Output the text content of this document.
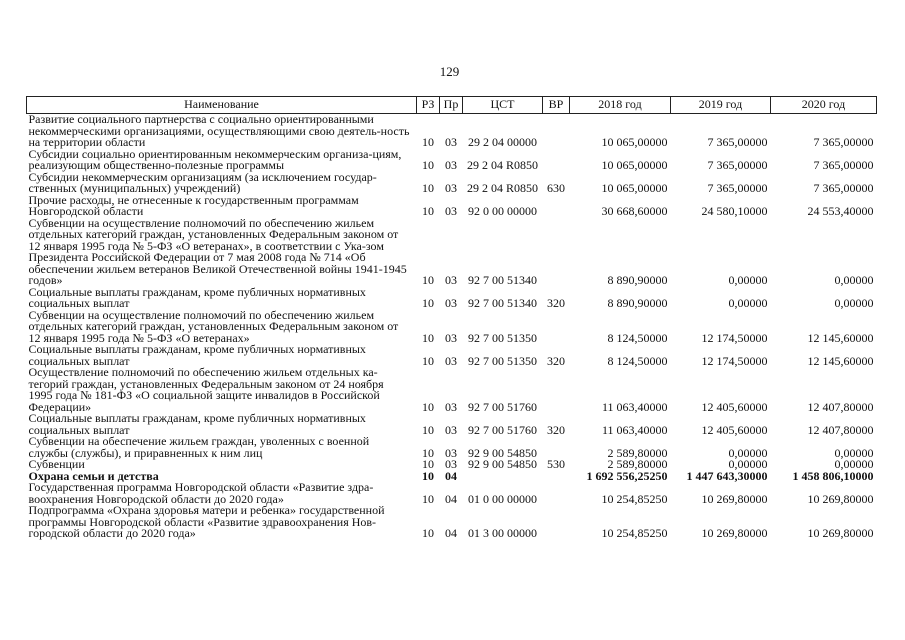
129
Наименование	РЗ	Пр	ЦСТ	ВР	2018 год	2019 год	2020 год
Развитие социального партнерства с социально ориентированными некоммерческими организациями, осуществляющими свою деятель-ность на территории области	10	03	29 2 04 00000		10 065,00000	7 365,00000	7 365,00000
Субсидии социально ориентированным некоммерческим организа-циям, реализующим общественно-полезные программы	10	03	29 2 04 R0850		10 065,00000	7 365,00000	7 365,00000
Субсидии некоммерческим организациям (за исключением государ-ственных (муниципальных) учреждений)	10	03	29 2 04 R0850	630	10 065,00000	7 365,00000	7 365,00000
Прочие расходы, не отнесенные к государственным программам Новгородской области	10	03	92 0 00 00000		30 668,60000	24 580,10000	24 553,40000
Субвенции на осуществление полномочий по обеспечению жильем отдельных категорий граждан, установленных Федеральным законом от 12 января 1995 года № 5-ФЗ «О ветеранах», в соответствии с Ука-зом Президента Российской Федерации от 7 мая 2008 года № 714 «Об обеспечении жильем ветеранов Великой Отечественной войны 1941-1945 годов»	10	03	92 7 00 51340		8 890,90000	0,00000	0,00000
Социальные выплаты гражданам, кроме публичных нормативных социальных выплат	10	03	92 7 00 51340	320	8 890,90000	0,00000	0,00000
Субвенции на осуществление полномочий по обеспечению жильем отдельных категорий граждан, установленных Федеральным законом от 12 января 1995 года № 5-ФЗ «О ветеранах»	10	03	92 7 00 51350		8 124,50000	12 174,50000	12 145,60000
Социальные выплаты гражданам, кроме публичных нормативных социальных выплат	10	03	92 7 00 51350	320	8 124,50000	12 174,50000	12 145,60000
Осуществление полномочий по обеспечению жильем отдельных ка-тегорий граждан, установленных Федеральным законом от 24 ноября 1995 года № 181-ФЗ «О социальной защите инвалидов в Российской Федерации»	10	03	92 7 00 51760		11 063,40000	12 405,60000	12 407,80000
Социальные выплаты гражданам, кроме публичных нормативных социальных выплат	10	03	92 7 00 51760	320	11 063,40000	12 405,60000	12 407,80000
Субвенции на обеспечение жильем граждан, уволенных с военной службы (службы), и приравненных к ним лиц	10	03	92 9 00 54850		2 589,80000	0,00000	0,00000
Субвенции	10	03	92 9 00 54850	530	2 589,80000	0,00000	0,00000
Охрана семьи и детства	10	04			1 692 556,25250	1 447 643,30000	1 458 806,10000
Государственная программа Новгородской области «Развитие здра-воохранения Новгородской области до 2020 года»	10	04	01 0 00 00000		10 254,85250	10 269,80000	10 269,80000
Подпрограмма «Охрана здоровья матери и ребенка» государственной программы Новгородской области «Развитие здравоохранения Нов-городской области до 2020 года»	10	04	01 3 00 00000		10 254,85250	10 269,80000	10 269,80000
